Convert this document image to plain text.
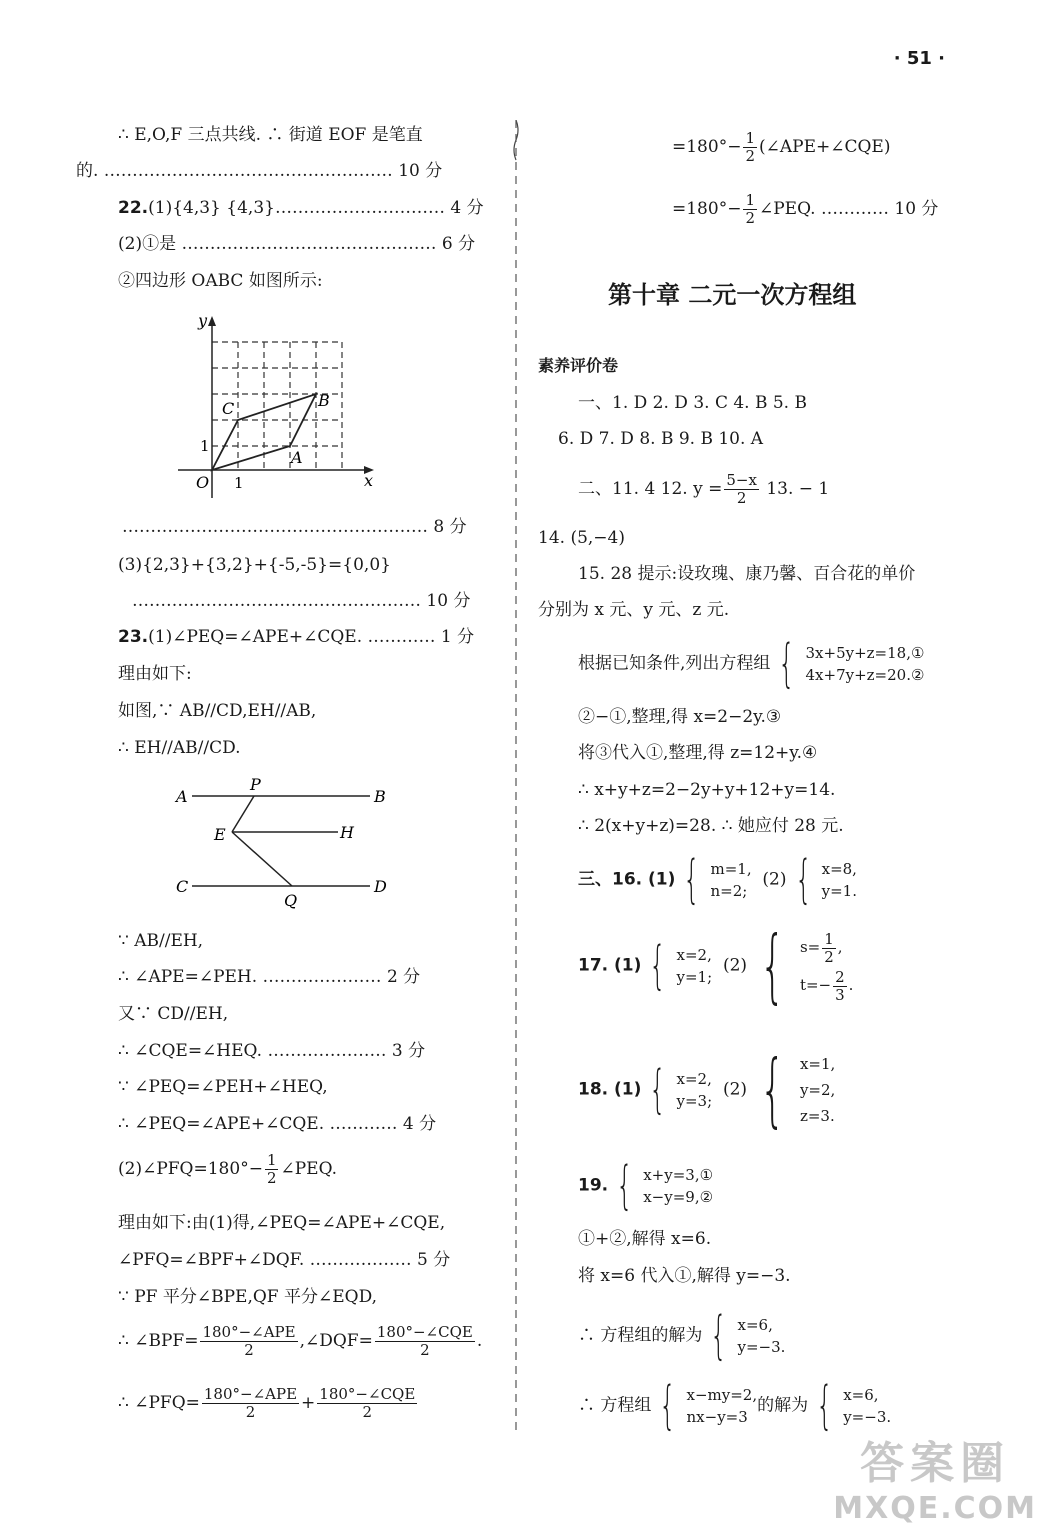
· 51 ·
∴ E,O,F 三点共线. ∴ 街道 EOF 是笔直
的. …………………………………………… 10 分
22.(1){4,3} {4,3}………………………… 4 分
(2)①是 ……………………………………… 6 分
②四边形 OABC 如图所示:
y
x
O 1
1
A
B
C
……………………………………………… 8 分
(3){2,3}+{3,2}+{-5,-5}={0,0}
…………………………………………… 10 分
23.(1)∠PEQ=∠APE+∠CQE. ………… 1 分
理由如下:
如图,∵ AB//CD,EH//AB,
∴ EH//AB//CD.
A	B
P
E	H
C	D
Q
∵ AB//EH,
∴ ∠APE=∠PEH. ………………… 2 分
又∵ CD//EH,
∴ ∠CQE=∠HEQ. ………………… 3 分
∵ ∠PEQ=∠PEH+∠HEQ,
∴ ∠PEQ=∠APE+∠CQE. ………… 4 分
(2)∠PFQ=180°− $\frac{1}{2}$ ∠PEQ.
理由如下:由(1)得,∠PEQ=∠APE+∠CQE,
∠PFQ=∠BPF+∠DQF. ……………… 5 分
∵ PF 平分∠BPE,QF 平分∠EQD,
∴ ∠BPF= $\frac{\text{180°−∠APE}}{2}$ ,∠DQF= $\frac{\text{180°−∠CQE}}{2}$ .
∴ ∠PFQ= $\frac{\text{180°−∠APE}}{2} + \frac{\text{180°−∠CQE}}{2}$
$=180^\circ- \frac{1}{2}$ (∠APE+∠CQE)
$=180^\circ- \frac{1}{2}$ ∠PEQ. ………… 10 分
第十章 二元一次方程组
素养评价卷
一、1. D 2. D 3. C 4. B 5. B
6. D 7. D 8. B 9. B 10. A
二、11. 4 12. $y = \frac{5-x}{2} 13$. − 1
14. (5,−4)
15. 28 提示:设玫瑰、康乃馨、百合花的单价
分别为 x 元、y 元、z 元.
根据已知条件,列出方程组 { 3x+5y+z=18,①
4x+7y+z=20.②
②−①,整理,得 x=2−2y.③
将③代入①,整理,得 z=12+y.④
∴ x+y+z=2−2y+y+12+y=14.
∴ 2(x+y+z)=28. ∴ 她应付 28 元.
三、16. (1) { m=1,
n=2;
(2) { x=8,
y=1.
17. (1) { x=2,
y=1;
(2) { $s= \frac{1}{2}$ ,
$t=- \frac{2}{3}$ .
18. (1) { x=2,
y=3;
(2) { x=1,
y=2,
z=3.
19. { x+y=3,①
x−y=9,②
①+②,解得 x=6.
将 x=6 代入①,解得 y=−3.
∴ 方程组的解为 { x=6,
y=−3.
∴ 方程组 { x−my=2,
nx−y=3
的解为 { x=6,
y=−3.
答案圈
MXQE.COM
